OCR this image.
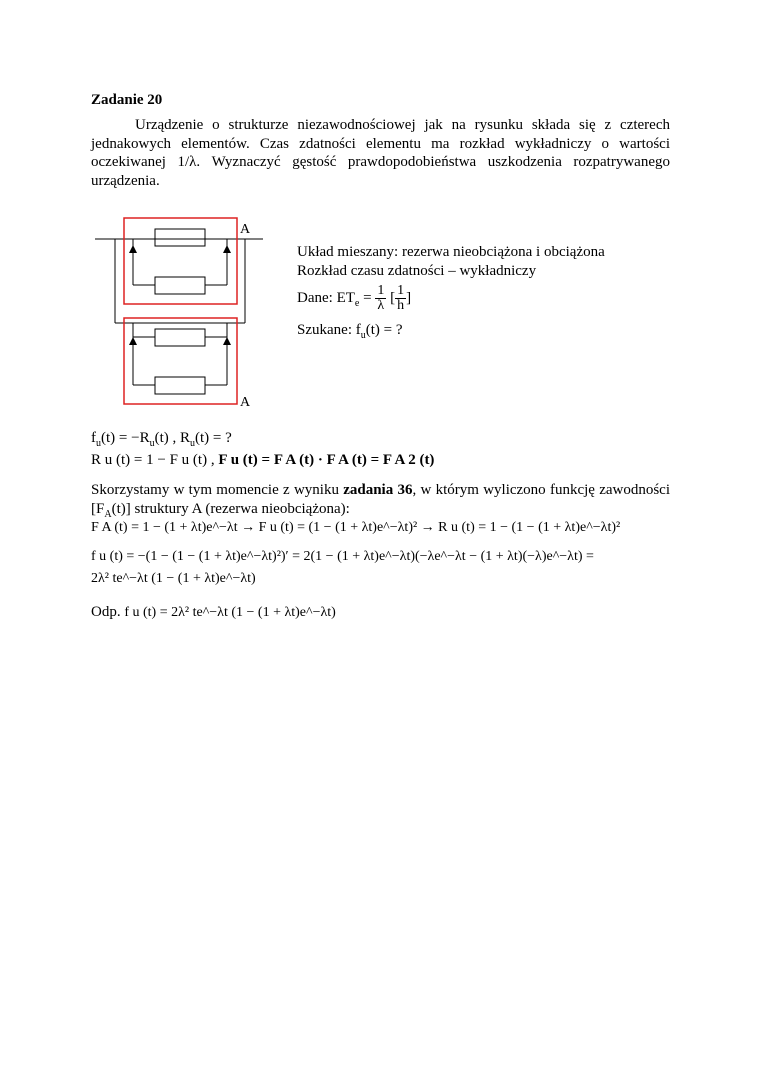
Zadanie 20
Urządzenie o strukturze niezawodnościowej jak na rysunku składa się z czterech jednakowych elementów. Czas zdatności elementu ma rozkład wykładniczy o wartości oczekiwanej 1/λ. Wyznaczyć gęstość prawdopodobieństwa uszkodzenia rozpatrywanego urządzenia.
A
A
Układ mieszany: rezerwa nieobciążona i obciążona
Rozkład czasu zdatności – wykładniczy
Dane: $ET_e = \frac{1}{\lambda}$ [ $\frac{1}{h}$ ]
Szukane: $f_u(t)$ = ?
$f_u(t) = -R_u(t)$ , $R_u(t)$ = ?
R u (t) = 1 − F u (t) , F u (t) = F A (t) · F A (t) = F A 2 (t)
Skorzystamy w tym momencie z wyniku zadania 36, w którym wyliczono funkcję zawodności $[F_A(t)]$ struktury A (rezerwa nieobciążona):
F A (t) = 1 − (1 + λt)e^−λt → F u (t) = (1 − (1 + λt)e^−λt)² → R u (t) = 1 − (1 − (1 + λt)e^−λt)²
f u (t) = −(1 − (1 − (1 + λt)e^−λt)²)′ = 2(1 − (1 + λt)e^−λt)(−λe^−λt − (1 + λt)(−λ)e^−λt) =
2λ² te^−λt (1 − (1 + λt)e^−λt)
Odp. f u (t) = 2λ² te^−λt (1 − (1 + λt)e^−λt)
